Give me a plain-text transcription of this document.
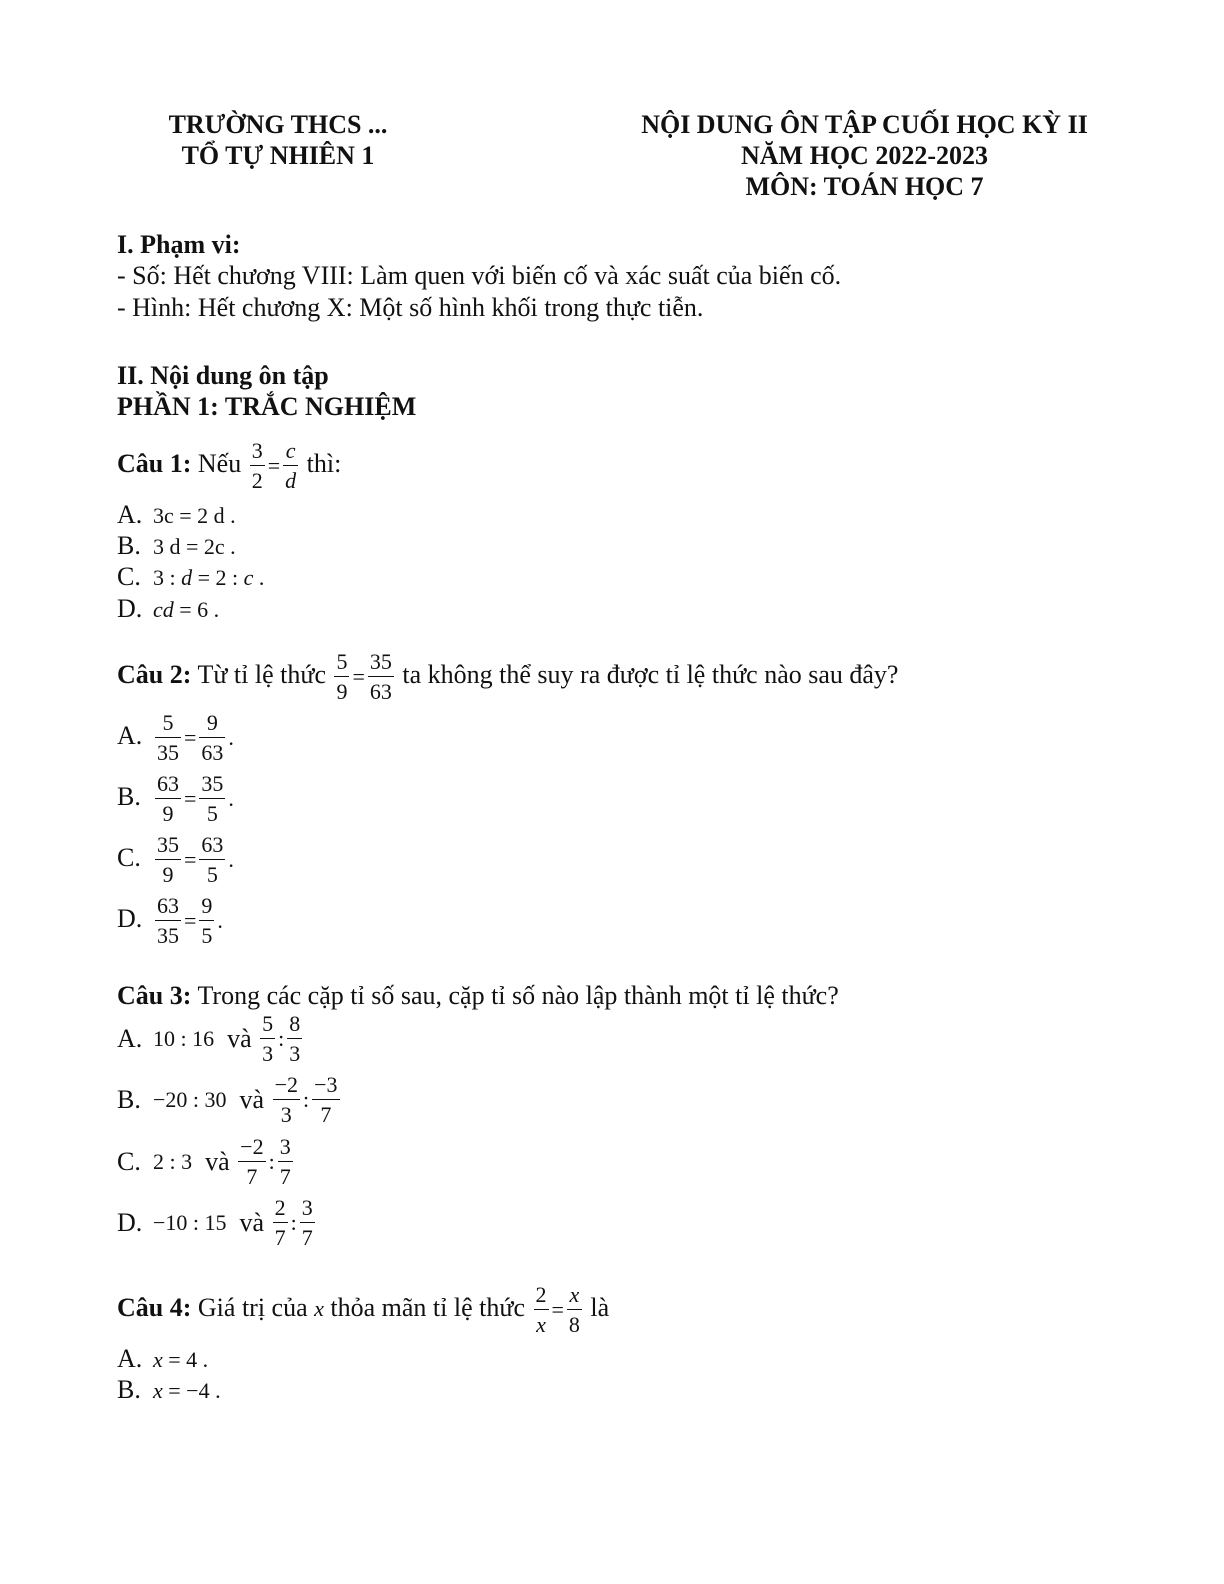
TRƯỜNG THCS ...
TỔ TỰ NHIÊN 1
NỘI DUNG ÔN TẬP CUỐI HỌC KỲ II
NĂM HỌC 2022-2023
MÔN: TOÁN HỌC 7
I. Phạm vi:
- Số: Hết chương VIII: Làm quen với biến cố và xác suất của biến cố.
- Hình: Hết chương X: Một số hình khối trong thực tiễn.
II. Nội dung ôn tập
PHẦN 1: TRẮC NGHIỆM
Câu 1: Nếu $\frac{3}{2} = \frac{c}{d}$ thì:
A. 3c = 2 d .
B. 3 d = 2c .
C. 3 : d = 2 : c .
D. cd = 6 .
Câu 2: Từ tỉ lệ thức $\frac{5}{9} = \frac{35}{63}$ ta không thể suy ra được tỉ lệ thức nào sau đây?
A. $\frac{5}{35} = \frac{9}{63}$ .
B. $\frac{63}{9} = \frac{35}{5}$ .
C. $\frac{35}{9} = \frac{63}{5}$ .
D. $\frac{63}{35} = \frac{9}{5}$ .
Câu 3: Trong các cặp tỉ số sau, cặp tỉ số nào lập thành một tỉ lệ thức?
A. 10 : 16 và $\frac{5}{3}$ : $\frac{8}{3}$
B. −20 : 30 và $\frac{-2}{3}$ : $\frac{-3}{7}$
C. 2 : 3 và $\frac{-2}{7}$ : $\frac{3}{7}$
D. −10 : 15 và $\frac{2}{7}$ : $\frac{3}{7}$
Câu 4: Giá trị của x thỏa mãn tỉ lệ thức $\frac{2}{x} = \frac{x}{8}$ là
A. x = 4 .
B. x = −4 .
